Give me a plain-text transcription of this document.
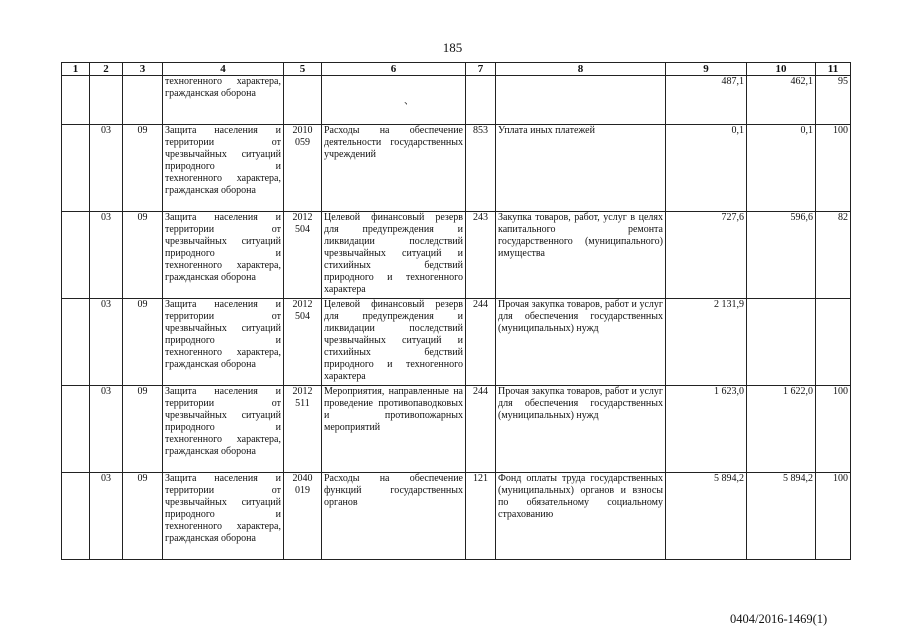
185
、
1	2	3	4	5	6	7	8	9	10	11
			техногенного характера, гражданская оборона					487,1	462,1	95
	03	09	Защита населения и территории от чрезвычайных ситуаций природного и техногенного характера, гражданская оборона	2010 059	Расходы на обеспечение деятельности государственных учреждений	853	Уплата иных платежей	0,1	0,1	100
	03	09	Защита населения и территории от чрезвычайных ситуаций природного и техногенного характера, гражданская оборона	2012 504	Целевой финансовый резерв для предупреждения и ликвидации последствий чрезвычайных ситуаций и стихийных бедствий природного и техногенного характера	243	Закупка товаров, работ, услуг в целях капитального ремонта государственного (муниципального) имущества	727,6	596,6	82
	03	09	Защита населения и территории от чрезвычайных ситуаций природного и техногенного характера, гражданская оборона	2012 504	Целевой финансовый резерв для предупреждения и ликвидации последствий чрезвычайных ситуаций и стихийных бедствий природного и техногенного характера	244	Прочая закупка товаров, работ и услуг для обеспечения государственных (муниципальных) нужд	2 131,9		
	03	09	Защита населения и территории от чрезвычайных ситуаций природного и техногенного характера, гражданская оборона	2012 511	Мероприятия, направленные на проведение противопаводковых и противопожарных мероприятий	244	Прочая закупка товаров, работ и услуг для обеспечения государственных (муниципальных) нужд	1 623,0	1 622,0	100
	03	09	Защита населения и территории от чрезвычайных ситуаций природного и техногенного характера, гражданская оборона	2040 019	Расходы на обеспечение функций государственных органов	121	Фонд оплаты труда государственных (муниципальных) органов и взносы по обязательному социальному страхованию	5 894,2	5 894,2	100
0404/2016-1469(1)
